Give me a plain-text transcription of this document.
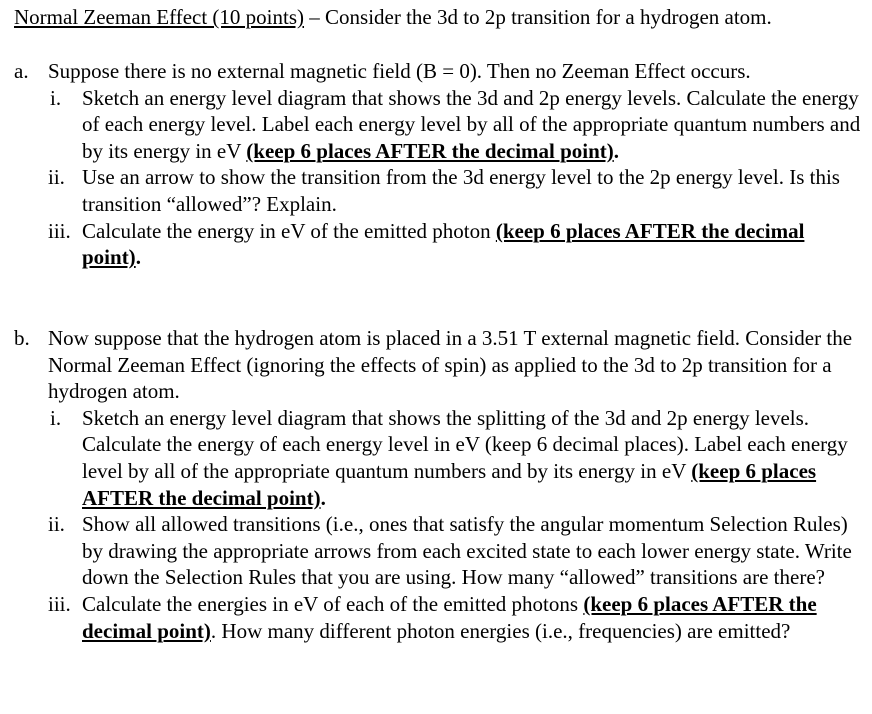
Normal Zeeman Effect (10 points) – Consider the 3d to 2p transition for a hydrogen atom.
a. Suppose there is no external magnetic field (B = 0). Then no Zeeman Effect occurs.
i. Sketch an energy level diagram that shows the 3d and 2p energy levels. Calculate the energy of each energy level. Label each energy level by all of the appropriate quantum numbers and by its energy in eV (keep 6 places AFTER the decimal point).
ii. Use an arrow to show the transition from the 3d energy level to the 2p energy level. Is this transition “allowed”? Explain.
iii. Calculate the energy in eV of the emitted photon (keep 6 places AFTER the decimal point).
b. Now suppose that the hydrogen atom is placed in a 3.51 T external magnetic field. Consider the Normal Zeeman Effect (ignoring the effects of spin) as applied to the 3d to 2p transition for a hydrogen atom.
i. Sketch an energy level diagram that shows the splitting of the 3d and 2p energy levels. Calculate the energy of each energy level in eV (keep 6 decimal places). Label each energy level by all of the appropriate quantum numbers and by its energy in eV (keep 6 places AFTER the decimal point).
ii. Show all allowed transitions (i.e., ones that satisfy the angular momentum Selection Rules) by drawing the appropriate arrows from each excited state to each lower energy state. Write down the Selection Rules that you are using. How many “allowed” transitions are there?
iii. Calculate the energies in eV of each of the emitted photons (keep 6 places AFTER the decimal point). How many different photon energies (i.e., frequencies) are emitted?
